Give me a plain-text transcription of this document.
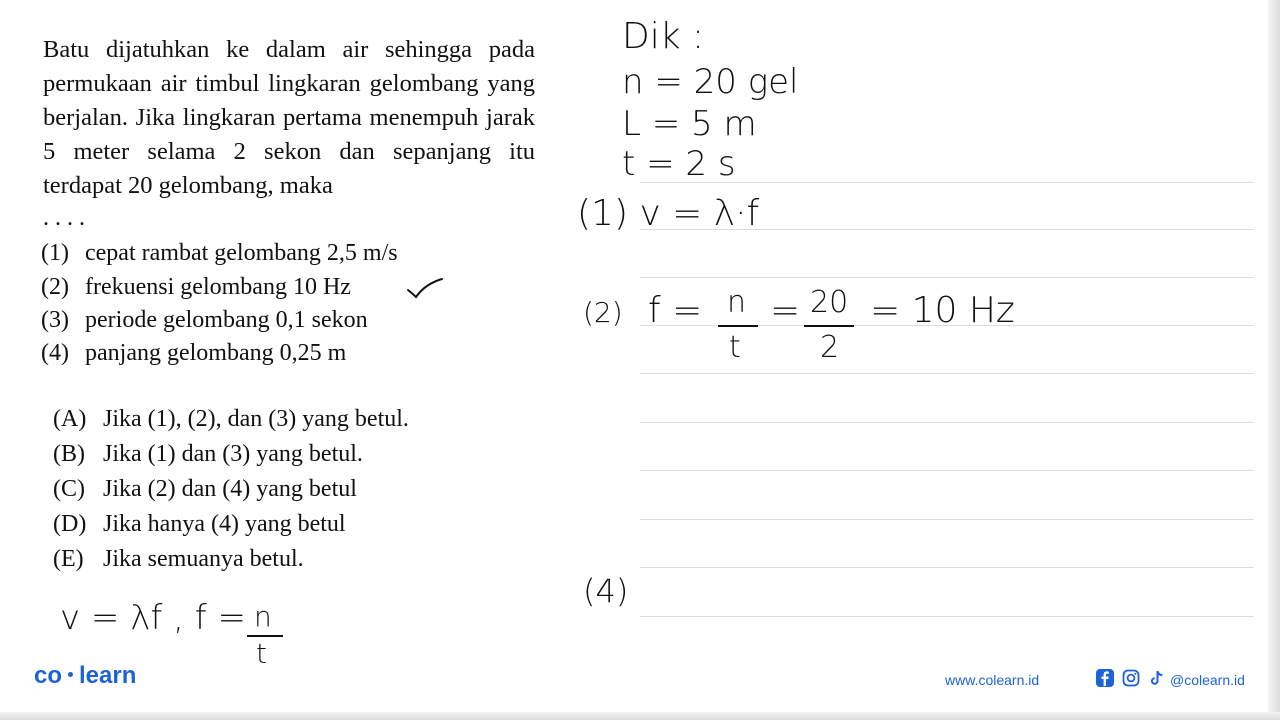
Batu dijatuhkan ke dalam air sehingga pada permukaan air timbul lingkaran gelombang yang berjalan. Jika lingkaran pertama menempuh jarak 5 meter selama 2 sekon dan sepanjang itu terdapat 20 gelombang, maka
....
(1) cepat rambat gelombang 2,5 m/s
(2) frekuensi gelombang 10 Hz
(3) periode gelombang 0,1 sekon
(4) panjang gelombang 0,25 m
(A) Jika (1), (2), dan (3) yang betul.
(B) Jika (1) dan (3) yang betul.
(C) Jika (2) dan (4) yang betul
(D) Jika hanya (4) yang betul
(E) Jika semuanya betul.
Dik :
n = 20 gel
L = 5 m
t = 2 s
(1) v = λ·f
(2) f = n
t
= 20
2
= 10 Hz
(4)
v = λf , f = n
t
co learn	www.colearn.id	@colearn.id
